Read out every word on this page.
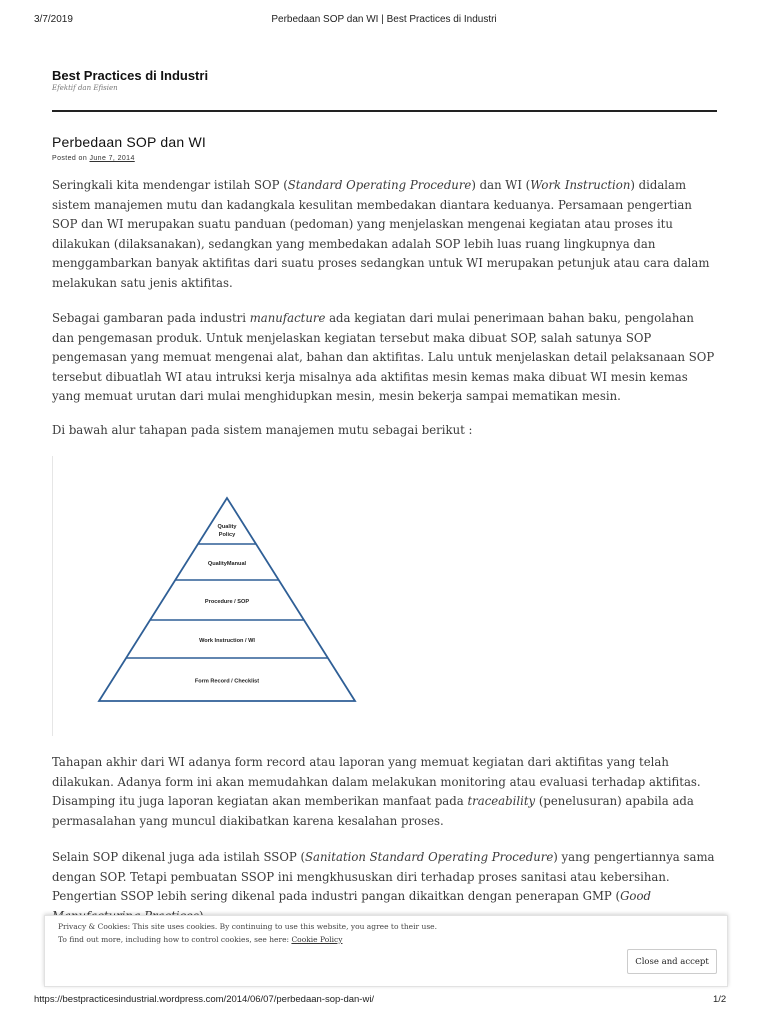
3/7/2019	Perbedaan SOP dan WI | Best Practices di Industri
Best Practices di Industri
Efektif dan Efisien
Perbedaan SOP dan WI
Posted on June 7, 2014

Seringkali kita mendengar istilah SOP (Standard Operating Procedure) dan WI (Work Instruction) didalam sistem manajemen mutu dan kadangkala kesulitan membedakan diantara keduanya. Persamaan pengertian SOP dan WI merupakan suatu panduan (pedoman) yang menjelaskan mengenai kegiatan atau proses itu dilakukan (dilaksanakan), sedangkan yang membedakan adalah SOP lebih luas ruang lingkupnya dan menggambarkan banyak aktifitas dari suatu proses sedangkan untuk WI merupakan petunjuk atau cara dalam melakukan satu jenis aktifitas.

Sebagai gambaran pada industri manufacture ada kegiatan dari mulai penerimaan bahan baku, pengolahan dan pengemasan produk. Untuk menjelaskan kegiatan tersebut maka dibuat SOP, salah satunya SOP pengemasan yang memuat mengenai alat, bahan dan aktifitas. Lalu untuk menjelaskan detail pelaksanaan SOP tersebut dibuatlah WI atau intruksi kerja misalnya ada aktifitas mesin kemas maka dibuat WI mesin kemas yang memuat urutan dari mulai menghidupkan mesin, mesin bekerja sampai mematikan mesin.

Di bawah alur tahapan pada sistem manajemen mutu sebagai berikut :

Quality Policy
QualityManual
Procedure / SOP
Work Instruction / WI
Form Record / Checklist

Tahapan akhir dari WI adanya form record atau laporan yang memuat kegiatan dari aktifitas yang telah dilakukan. Adanya form ini akan memudahkan dalam melakukan monitoring atau evaluasi terhadap aktifitas. Disamping itu juga laporan kegiatan akan memberikan manfaat pada traceability (penelusuran) apabila ada permasalahan yang muncul diakibatkan karena kesalahan proses.

Selain SOP dikenal juga ada istilah SSOP (Sanitation Standard Operating Procedure) yang pengertiannya sama dengan SOP. Tetapi pembuatan SSOP ini mengkhususkan diri terhadap proses sanitasi atau kebersihan. Pengertian SSOP lebih sering dikenal pada industri pangan dikaitkan dengan penerapan GMP (Good

Privacy & Cookies: This site uses cookies. By continuing to use this website, you agree to their use.
To find out more, including how to control cookies, see here: Cookie Policy
Close and accept
https://bestpracticesindustrial.wordpress.com/2014/06/07/perbedaan-sop-dan-wi/	1/2
